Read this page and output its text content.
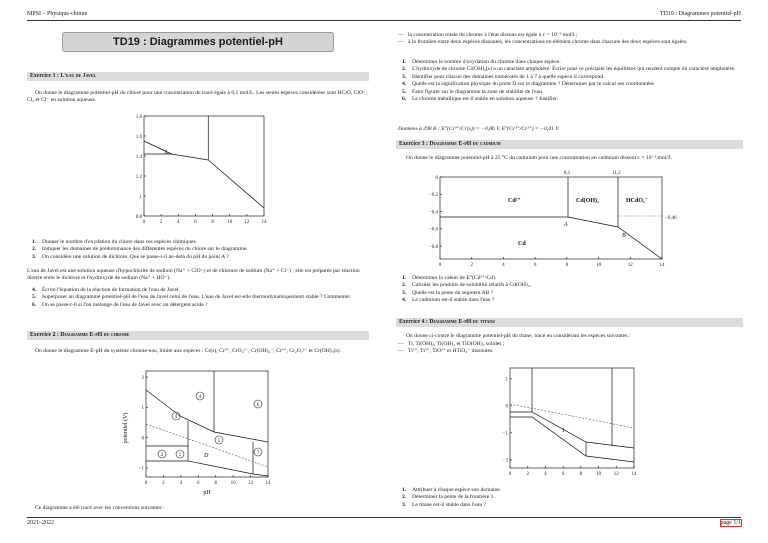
MPSI – Physique-chimie	TD19 : Diagrammes potentiel-pH
TD19 : Diagrammes potentiel-pH
Exercice 1 : L'eau de Javel
On donne le diagramme potentiel-pH du chlore pour une concentration de tracé égale à 0,1 mol/L. Les seules espèces considérées sont HClO, ClO⁻, Cl₂ et Cl⁻ en solution aqueuse.
0.8
1
1.2
1.4
1.6
1.8
0	2	4	6	8	10 12 14
A
1.	Donner le nombre d'oxydation du chlore dans ces espèces chimiques.
2.	Indiquer les domaines de prédominance des différentes espèces du chlore sur le diagramme.
3.	On considère une solution de dichlore. Que se passe-t-il au-delà du pH du point A ?
L'eau de Javel est une solution aqueuse d'hypochlorite de sodium (Na⁺ + ClO⁻) et de chlorure de sodium (Na⁺ + Cl⁻) ; elle est préparée par réaction directe entre le dichlore et l'hydroxyde de sodium (Na⁺ + HO⁻).
4.	Écrire l'équation de la réaction de formation de l'eau de Javel.
5.	Superposer au diagramme potentiel-pH de l'eau de Javel celui de l'eau. L'eau de Javel est-elle thermodynamiquement stable ? Commenter
6.	On se passe-t-il si l'on mélange de l'eau de Javel avec un détergent acide ?
Exercice 2 : Diagramme E-pH du chrome
On donne le diagramme E-pH du système chrome-eau, limité aux espèces : Cr(s), Cr²⁺, CrO₄²⁻, Cr(OH)₄⁻, Cr³⁺, Cr₂O₇²⁻ et Cr(OH)₃(s).
−1
0
1
2
0	2	4	6	8	10 12 14
4
6
3
5
2	1	7
D
potentiel (V)
pH
Ce diagramme a été tracé avec les conventions suivantes :
— la concentration totale du chrome à l'état dissous est égale à c = 10⁻² mol/l ;
— à la frontière entre deux espèces dissoutes, les concentrations en élément chrome dans chacune des deux espèces sont égales.
1.	Déterminer le nombre d'oxydation du chrome dans chaque espèce.
2.	L'hydroxyde de chrome Cr(OH)₃(s) a un caractère amphotère. Écrire pour ce précipité les équilibres qui rendent compte du caractère amphotère.
3.	Identifier pour chacun des domaines numérotés de 1 à 7 à quelle espèce il correspond.
4.	Quelle est la signification physique du point D sur le diagramme ? Déterminer par le calcul ses coordonnées
5.	Faire figurer sur le diagramme la zone de stabilité de l'eau.
6.	Le chrome métallique est-il stable en solution aqueuse ? Justifier.
Données à 298 K : E°(Cr³⁺/Cr(s)) = −0,86 V, E°(Cr³⁺/Cr²⁺) = −0,41 V.
Exercice 3 : Diagramme E-pH du cadmium
On donne le diagramme potentiel-pH à 25 °C du cadmium pour une concentration en cadmium dissout c = 10⁻² mol/ℓ.
0
−0.2
−0.4
−0.6
−0.8
0	2	4	6	8	10	12	14
8,1	11,2
−0,46
Cd²⁺	Cd(OH)₂	HCdO₂⁻
Cd
A
B
1.	Déterminer la valeur de E°(Cd²⁺/Cd).
2.	Calculer les produits de solubilité relatifs à Cd(OH)₂.
3.	Quelle est la pente du segment AB ?
4.	Le cadmium est-il stable dans l'eau ?
Exercice 4 : Diagramme E-pH du titane
On donne ci-contre le diagramme potentiel-pH du titane, tracé en considérant les espèces suivantes :
— Ti, Ti(OH)₂, Ti(OH)₃ et TiO(OH)₂ solides ;
— Ti²⁺, Ti³⁺, TiO²⁺ et HTiO₃⁻ dissoutes.
1
0
−1
−2
0	2	4	6	8	10	12	14
1
1.	Attribuer à chaque espèce son domaine.
2.	Déterminer la pente de la frontière 1.
3.	Le titane est-il stable dans l'eau ?
2021–2022	page 1/1
